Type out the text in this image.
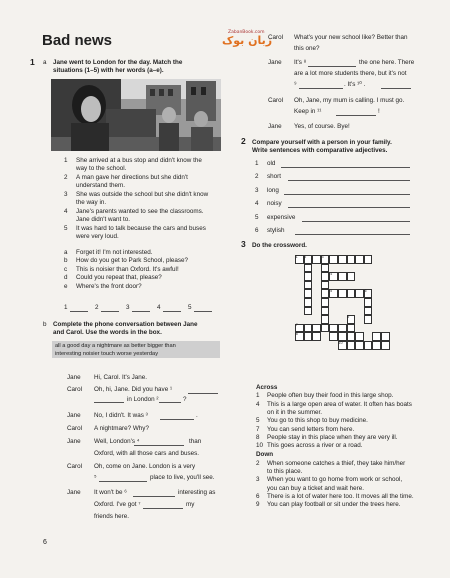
ZabanBook.com
زبان بوک
Bad news
1 a Jane went to London for the day. Match the
situations (1–5) with her words (a–e).
1 She arrived at a bus stop and didn't know the
way to the school.
2 A man gave her directions but she didn't
understand them.
3 She was outside the school but she didn't know
the way in.
4 Jane's parents wanted to see the classrooms.
Jane didn't want to.
5 It was hard to talk because the cars and buses
were very loud.
a Forget it! I'm not interested.
b How do you get to Park School, please?
c This is noisier than Oxford. It's awful!
d Could you repeat that, please?
e Where's the front door?
1	2	3	4	5
b Complete the phone conversation between Jane
and Carol. Use the words in the box.
all a good day a nightmare as better bigger than
interesting noisier touch worse yesterday
Jane Hi, Carol. It's Jane.
Carol Oh, hi, Jane. Did you have ¹
in London ²	?
Jane No, I didn't. It was ³	.
Carol A nightmare? Why?
Jane Well, London's ⁴	than
Oxford, with all those cars and buses.
Carol Oh, come on Jane. London is a very
⁵	place to live, you'll see.
Jane It won't be ⁶	interesting as
Oxford. I've got ⁷	my
friends here.
Carol What's your new school like? Better than
this one?
Jane It's ⁸	the one here. There
are a lot more students there, but it's not
⁹	. It's ¹⁰ .
Carol Oh, Jane, my mum is calling. I must go.
Keep in ¹¹	!
Jane Yes, of course. Bye!
2 Compare yourself with a person in your family.
Write sentences with comparative adjectives.
1 old
2 short
3 long
4 noisy
5 expensive
6 stylish
3 Do the crossword.
1 2	3
4
5	6
7
8
9
10
Across
1 People often buy their food in this large shop.
4 This is a large open area of water. It often has boats
on it in the summer.
5 You go to this shop to buy medicine.
7 You can send letters from here.
8 People stay in this place when they are very ill.
10 This goes across a river or a road.
Down
2 When someone catches a thief, they take him/her
to this place.
3 When you want to go home from work or school,
you can buy a ticket and wait here.
6 There is a lot of water here too. It moves all the time.
9 You can play football or sit under the trees here.
6
